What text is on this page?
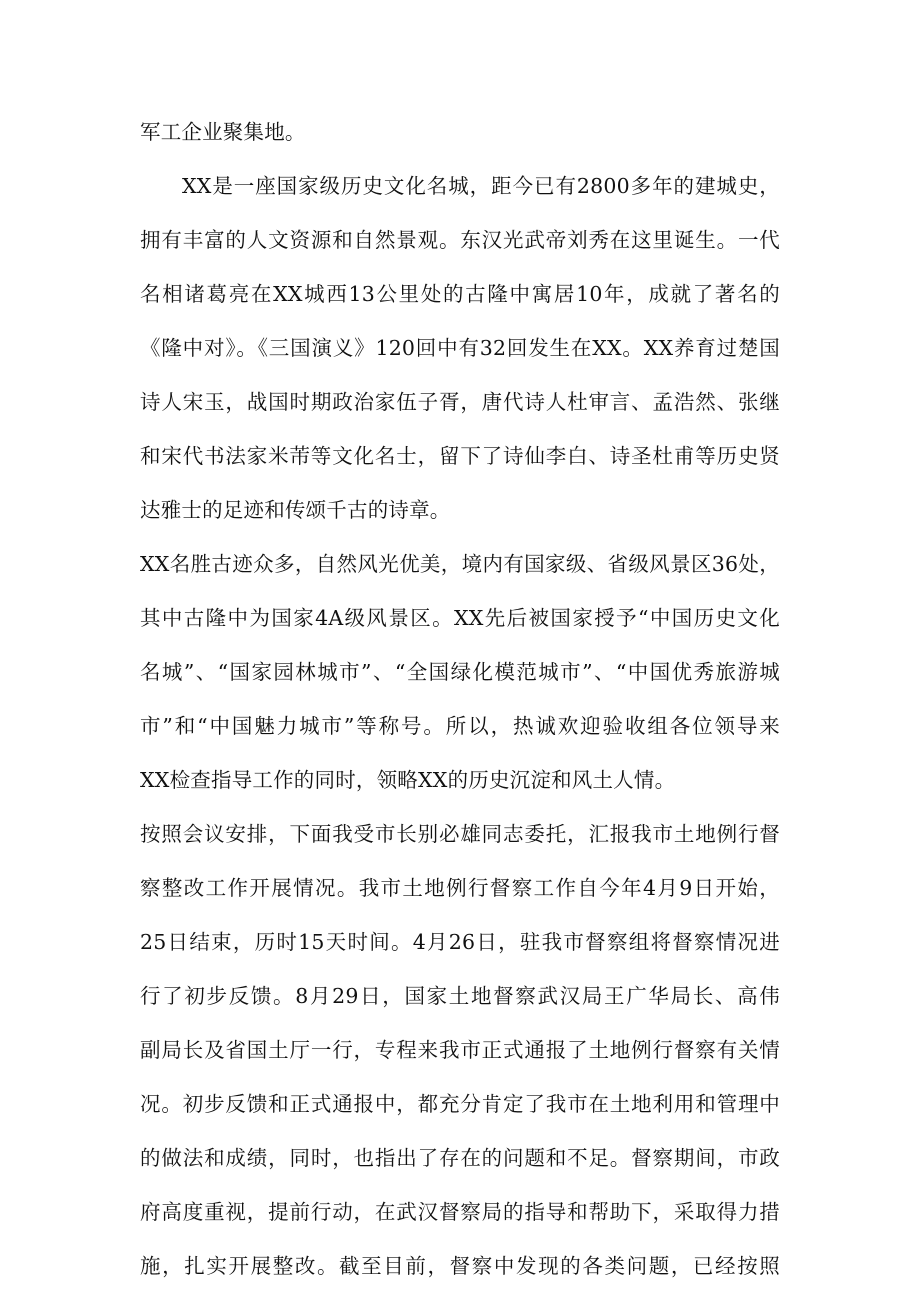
军工企业聚集地。
XX是一座国家级历史文化名城，距今已有2800多年的建城史，
拥有丰富的人文资源和自然景观。东汉光武帝刘秀在这里诞生。一代
名相诸葛亮在XX城西13公里处的古隆中寓居10年，成就了著名的
《隆中对》。《三国演义》120回中有32回发生在XX。XX养育过楚国
诗人宋玉，战国时期政治家伍子胥，唐代诗人杜审言、孟浩然、张继
和宋代书法家米芾等文化名士，留下了诗仙李白、诗圣杜甫等历史贤
达雅士的足迹和传颂千古的诗章。
XX名胜古迹众多，自然风光优美，境内有国家级、省级风景区36处，
其中古隆中为国家4A级风景区。XX先后被国家授予“中国历史文化
名城”、“国家园林城市”、“全国绿化模范城市”、“中国优秀旅游城
市”和“中国魅力城市”等称号。所以，热诚欢迎验收组各位领导来
XX检查指导工作的同时，领略XX的历史沉淀和风土人情。
按照会议安排，下面我受市长别必雄同志委托，汇报我市土地例行督
察整改工作开展情况。我市土地例行督察工作自今年4月9日开始，
25日结束，历时15天时间。4月26日，驻我市督察组将督察情况进
行了初步反馈。8月29日，国家土地督察武汉局王广华局长、高伟
副局长及省国土厅一行，专程来我市正式通报了土地例行督察有关情
况。初步反馈和正式通报中，都充分肯定了我市在土地利用和管理中
的做法和成绩，同时，也指出了存在的问题和不足。督察期间，市政
府高度重视，提前行动，在武汉督察局的指导和帮助下，采取得力措
施，扎实开展整改。截至目前，督察中发现的各类问题，已经按照
